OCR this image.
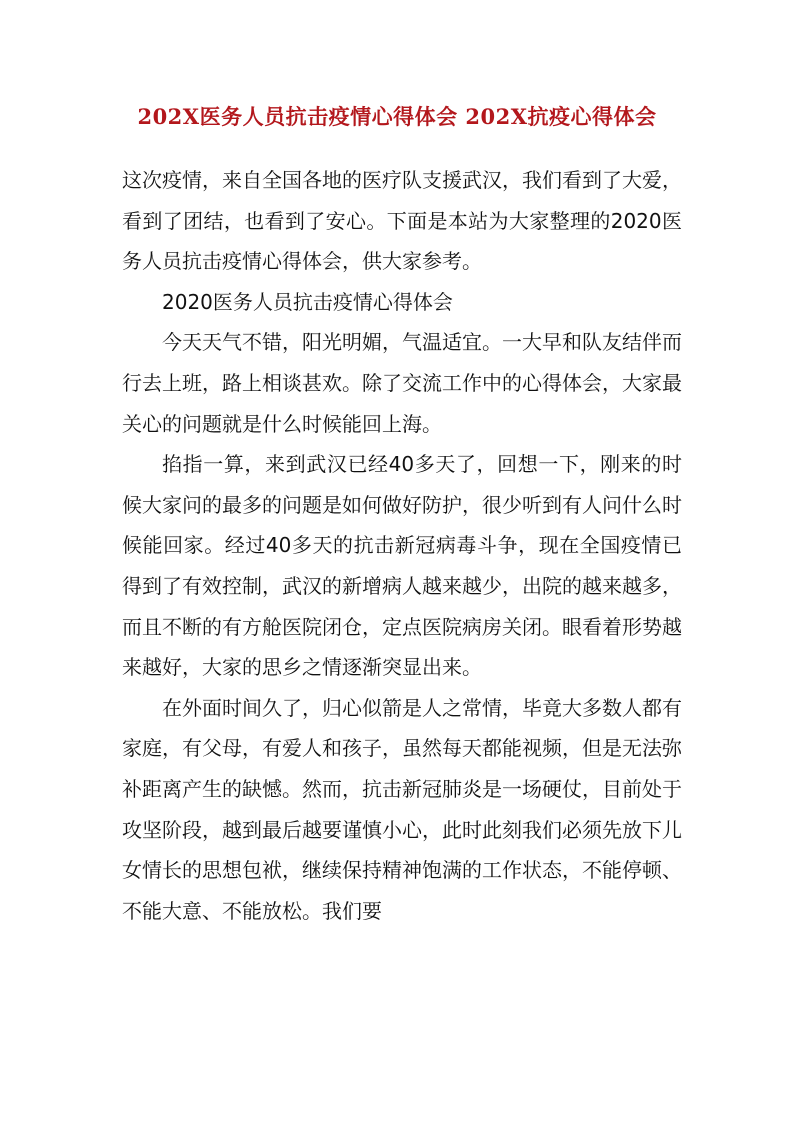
202X医务人员抗击疫情心得体会 202X抗疫心得体会

这次疫情，来自全国各地的医疗队支援武汉，我们看到了大爱，看到了团结，也看到了安心。下面是本站为大家整理的2020医务人员抗击疫情心得体会，供大家参考。

2020医务人员抗击疫情心得体会

今天天气不错，阳光明媚，气温适宜。一大早和队友结伴而行去上班，路上相谈甚欢。除了交流工作中的心得体会，大家最关心的问题就是什么时候能回上海。

掐指一算，来到武汉已经40多天了，回想一下，刚来的时候大家问的最多的问题是如何做好防护，很少听到有人问什么时候能回家。经过40多天的抗击新冠病毒斗争，现在全国疫情已得到了有效控制，武汉的新增病人越来越少，出院的越来越多，而且不断的有方舱医院闭仓，定点医院病房关闭。眼看着形势越来越好，大家的思乡之情逐渐突显出来。

在外面时间久了，归心似箭是人之常情，毕竟大多数人都有家庭，有父母，有爱人和孩子，虽然每天都能视频，但是无法弥补距离产生的缺憾。然而，抗击新冠肺炎是一场硬仗，目前处于攻坚阶段，越到最后越要谨慎小心，此时此刻我们必须先放下儿女情长的思想包袱，继续保持精神饱满的工作状态，不能停顿、不能大意、不能放松。我们要
